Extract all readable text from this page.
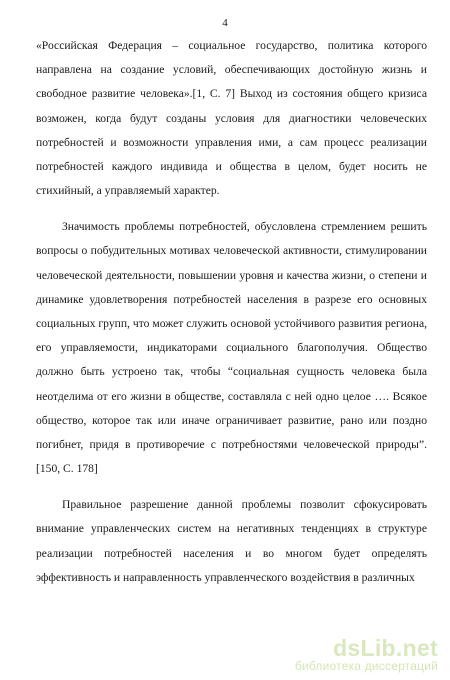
4

«Российская Федерация – социальное государство, политика которого направлена на создание условий, обеспечивающих достойную жизнь и свободное развитие человека».[1, С. 7] Выход из состояния общего кризиса возможен, когда будут созданы условия для диагностики человеческих потребностей и возможности управления ими, а сам процесс реализации потребностей каждого индивида и общества в целом, будет носить не стихийный, а управляемый характер.

Значимость проблемы потребностей, обусловлена стремлением решить вопросы о побудительных мотивах человеческой активности, стимулировании человеческой деятельности, повышении уровня и качества жизни, о степени и динамике удовлетворения потребностей населения в разрезе его основных социальных групп, что может служить основой устойчивого развития региона, его управляемости, индикаторами социального благополучия. Общество должно быть устроено так, чтобы “социальная сущность человека была неотделима от его жизни в обществе, составляла с ней одно целое …. Всякое общество, которое так или иначе ограничивает развитие, рано или поздно погибнет, придя в противоречие с потребностями человеческой природы”. [150, С. 178]

Правильное разрешение данной проблемы позволит сфокусировать внимание управленческих систем на негативных тенденциях в структуре реализации потребностей населения и во многом будет определять эффективность и направленность управленческого воздействия в различных

dsLib.net
библиотека диссертаций
